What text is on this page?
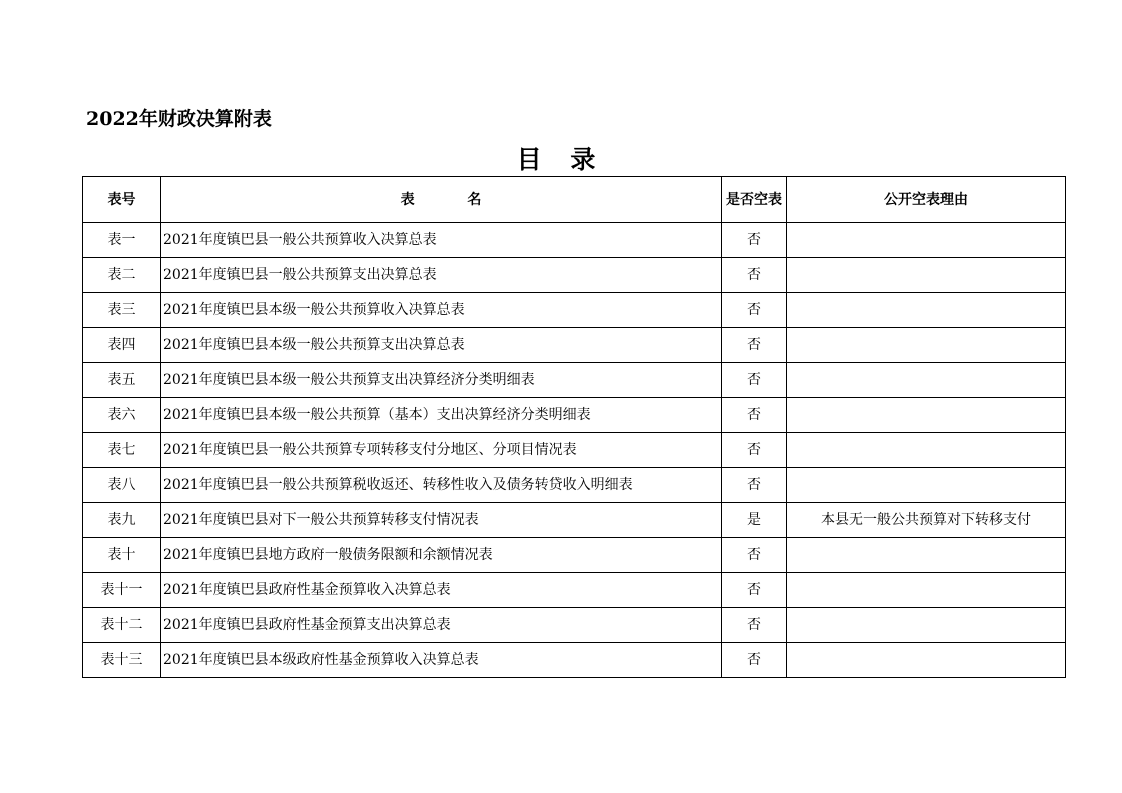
2022年财政决算附表
目 录
表号	表 名	是否空表	公开空表理由
表一	2021年度镇巴县一般公共预算收入决算总表	否	
表二	2021年度镇巴县一般公共预算支出决算总表	否	
表三	2021年度镇巴县本级一般公共预算收入决算总表	否	
表四	2021年度镇巴县本级一般公共预算支出决算总表	否	
表五	2021年度镇巴县本级一般公共预算支出决算经济分类明细表	否	
表六	2021年度镇巴县本级一般公共预算（基本）支出决算经济分类明细表	否	
表七	2021年度镇巴县一般公共预算专项转移支付分地区、分项目情况表	否	
表八	2021年度镇巴县一般公共预算税收返还、转移性收入及债务转贷收入明细表	否	
表九	2021年度镇巴县对下一般公共预算转移支付情况表	是	本县无一般公共预算对下转移支付
表十	2021年度镇巴县地方政府一般债务限额和余额情况表	否	
表十一	2021年度镇巴县政府性基金预算收入决算总表	否	
表十二	2021年度镇巴县政府性基金预算支出决算总表	否	
表十三	2021年度镇巴县本级政府性基金预算收入决算总表	否	
